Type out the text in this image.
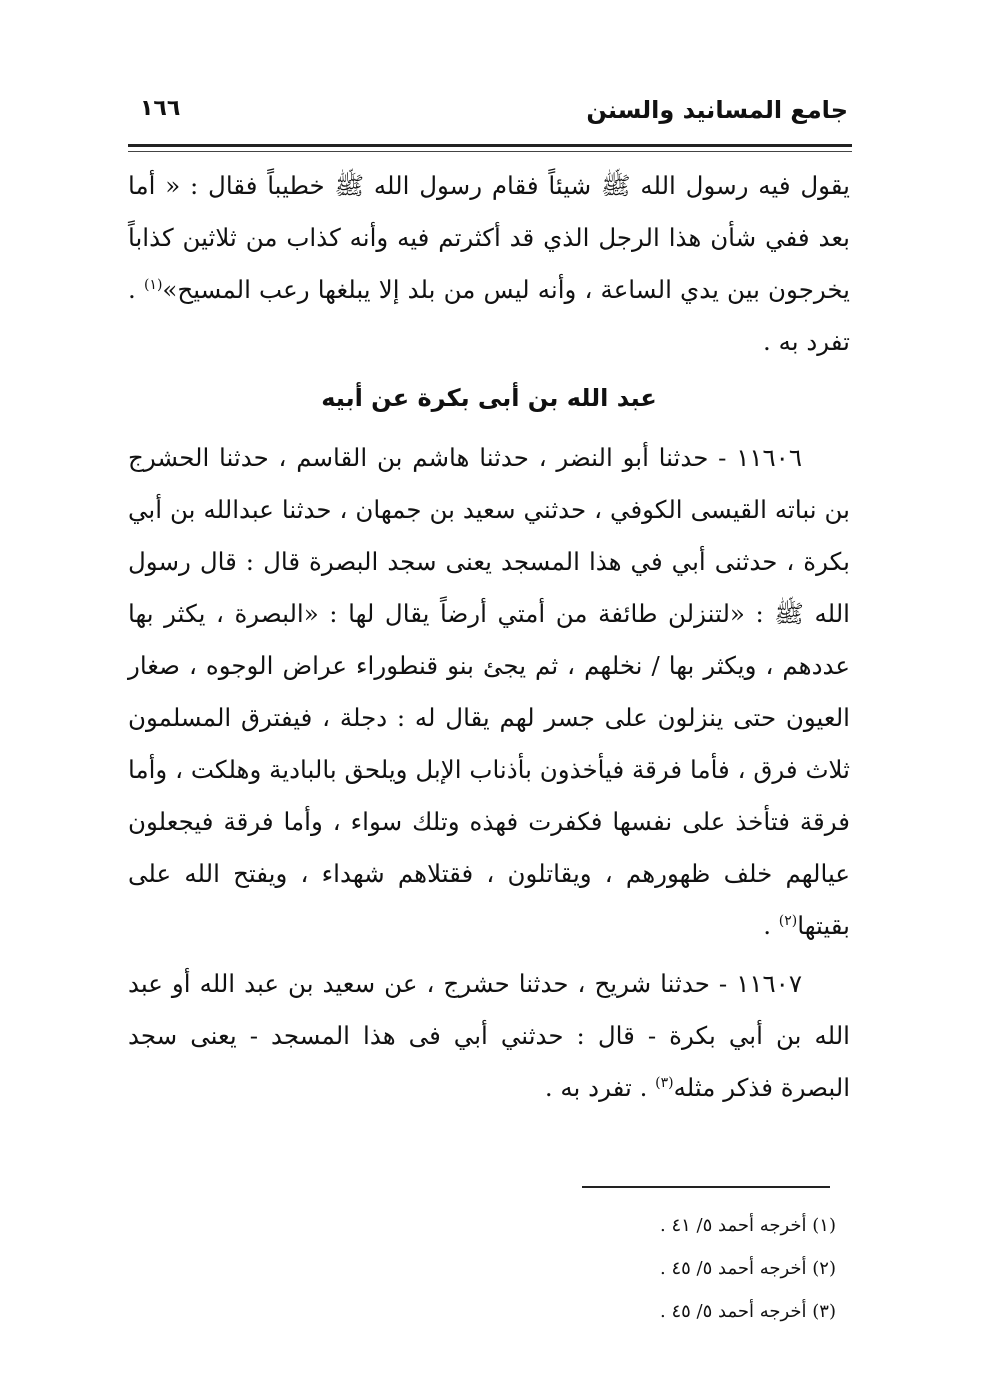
جامع المسانيد والسنن
١٦٦

يقول فيه رسول الله ﷺ شيئاً فقام رسول الله ﷺ خطيباً فقال : « أما بعد ففي شأن هذا الرجل الذي قد أكثرتم فيه وأنه كذاب من ثلاثين كذاباً يخرجون بين يدي الساعة ، وأنه ليس من بلد إلا يبلغها رعب المسيح»$^{(١)}$ . تفرد به .

عبد الله بن أبى بكرة عن أبيه

١١٦٠٦ - حدثنا أبو النضر ، حدثنا هاشم بن القاسم ، حدثنا الحشرج بن نباته القيسى الكوفي ، حدثني سعيد بن جمهان ، حدثنا عبدالله بن أبي بكرة ، حدثنى أبي في هذا المسجد يعنى سجد البصرة قال : قال رسول الله ﷺ : «لتنزلن طائفة من أمتي أرضاً يقال لها : «البصرة ، يكثر بها عددهم ، ويكثر بها / نخلهم ، ثم يجئ بنو قنطوراء عراض الوجوه ، صغار العيون حتى ينزلون على جسر لهم يقال له : دجلة ، فيفترق المسلمون ثلاث فرق ، فأما فرقة فيأخذون بأذناب الإبل ويلحق بالبادية وهلكت ، وأما فرقة فتأخذ على نفسها فكفرت فهذه وتلك سواء ، وأما فرقة فيجعلون عيالهم خلف ظهورهم ، ويقاتلون ، فقتلاهم شهداء ، ويفتح الله على بقيتها$^{(٢)}$ .

١١٦٠٧ - حدثنا شريح ، حدثنا حشرج ، عن سعيد بن عبد الله أو عبد الله بن أبي بكرة - قال : حدثني أبي فى هذا المسجد - يعنى سجد البصرة فذكر مثله$^{(٣)}$ . تفرد به .

(١) أخرجه أحمد ٥/ ٤١ .
(٢) أخرجه أحمد ٥/ ٤٥ .
(٣) أخرجه أحمد ٥/ ٤٥ .
